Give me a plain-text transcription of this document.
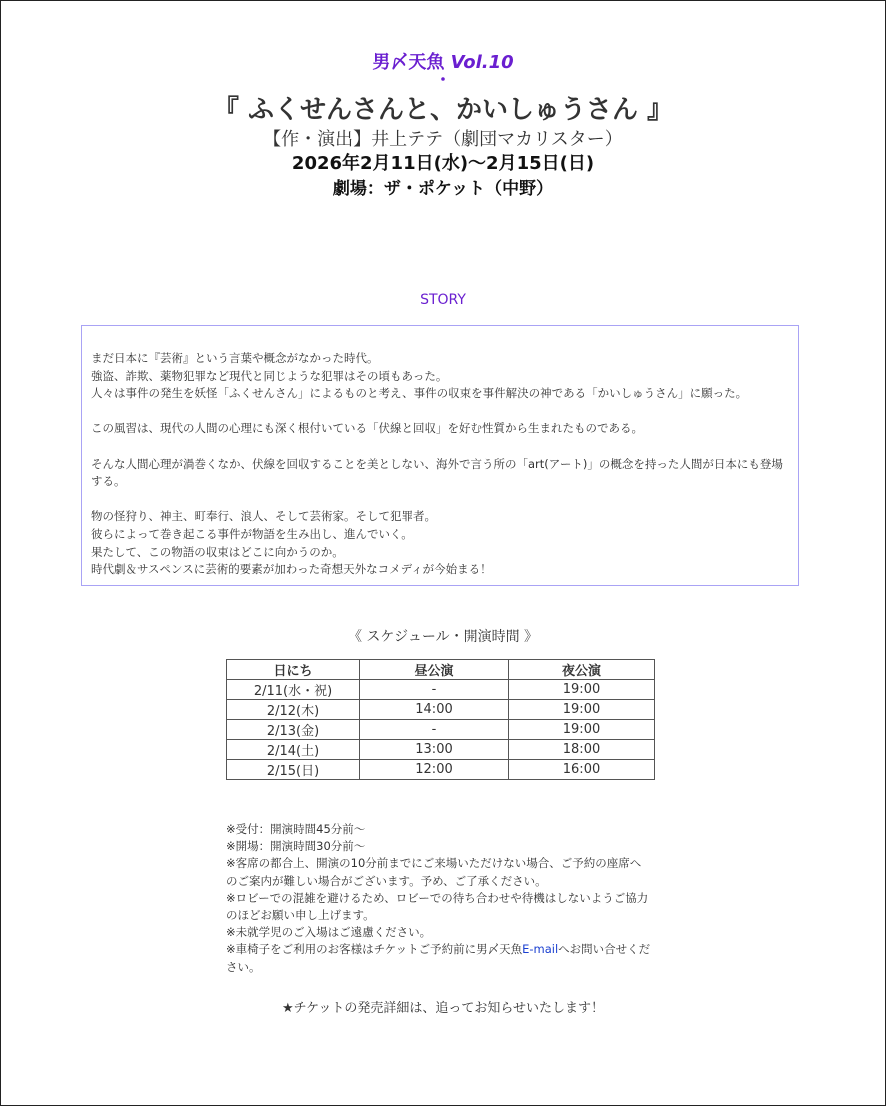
男〆天魚 Vol.10
・
『 ふくせんさんと、かいしゅうさん 』
【作・演出】井上テテ（劇団マカリスター）
2026年2月11日(水)〜2月15日(日)
劇場：ザ・ポケット（中野）
STORY

まだ日本に『芸術』という言葉や概念がなかった時代。

強盗、詐欺、薬物犯罪など現代と同じような犯罪はその頃もあった。

人々は事件の発生を妖怪「ふくせんさん」によるものと考え、事件の収束を事件解決の神である「かいしゅうさん」に願った。

この風習は、現代の人間の心理にも深く根付いている「伏線と回収」を好む性質から生まれたものである。

そんな人間心理が渦巻くなか、伏線を回収することを美としない、海外で言う所の「art(アート)」の概念を持った人間が日本にも登場

する。

物の怪狩り、神主、町奉行、浪人、そして芸術家。そして犯罪者。

彼らによって巻き起こる事件が物語を生み出し、進んでいく。

果たして、この物語の収束はどこに向かうのか。

時代劇＆サスペンスに芸術的要素が加わった奇想天外なコメディが今始まる！

《 スケジュール・開演時間 》
日にち	昼公演	夜公演
2/11(水・祝)	-	19:00
2/12(木)	14:00	19:00
2/13(金)	-	19:00
2/14(土)	13:00	18:00
2/15(日)	12:00	16:00

※受付：開演時間45分前〜

※開場：開演時間30分前〜

※客席の都合上、開演の10分前までにご来場いただけない場合、ご予約の座席へ

のご案内が難しい場合がございます。予め、ご了承ください。

※ロビーでの混雑を避けるため、ロビーでの待ち合わせや待機はしないようご協力

のほどお願い申し上げます。

※未就学児のご入場はご遠慮ください。

※車椅子をご利用のお客様はチケットご予約前に男〆天魚E-mailへお問い合せくだ

さい。

★チケットの発売詳細は、追ってお知らせいたします！
